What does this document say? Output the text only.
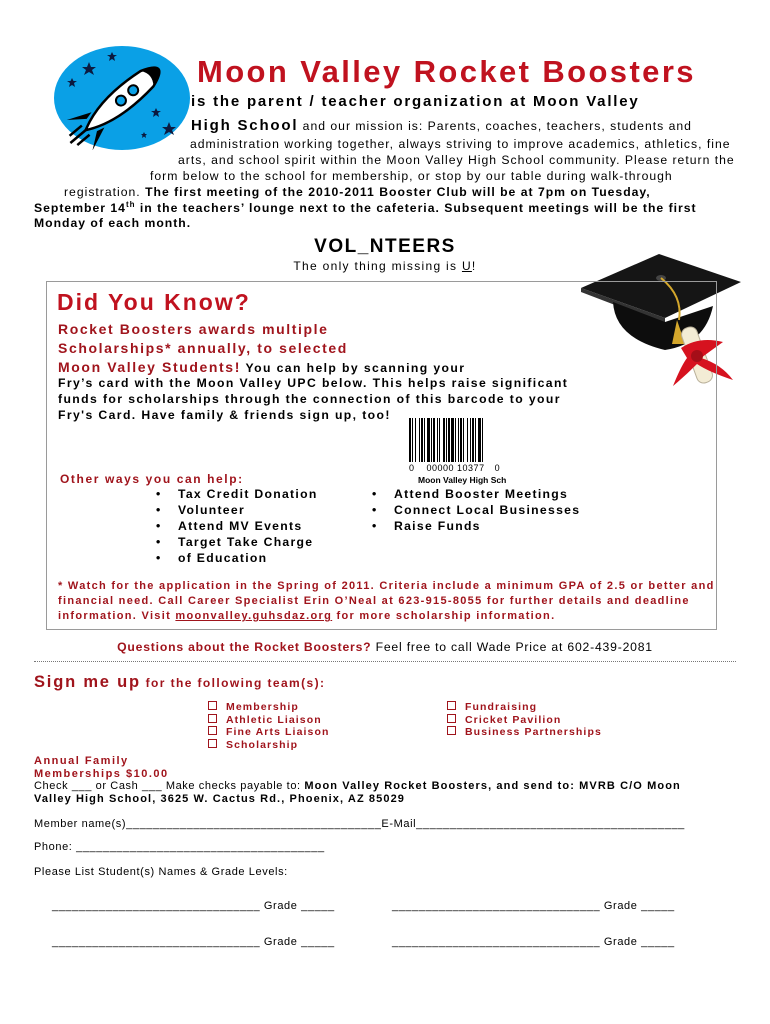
Moon Valley Rocket Boosters
is the parent / teacher organization at Moon Valley
High School and our mission is: Parents, coaches, teachers, students and
administration working together, always striving to improve academics, athletics, fine
arts, and school spirit within the Moon Valley High School community. Please return the
form below to the school for membership, or stop by our table during walk-through
registration. The first meeting of the 2010-2011 Booster Club will be at 7pm on Tuesday,
September 14th in the teachers’ lounge next to the cafeteria. Subsequent meetings will be the first
Monday of each month.
VOL_NTEERS
The only thing missing is U!
Did You Know?
Rocket Boosters awards multiple
Scholarships* annually, to selected
Moon Valley Students! You can help by scanning your
Fry’s card with the Moon Valley UPC below. This helps raise significant
funds for scholarships through the connection of this barcode to your
Fry's Card. Have family & friends sign up, too!
0 00000 10377 0
Moon Valley High Sch
Other ways you can help:
• Tax Credit Donation
• Volunteer
• Attend MV Events
• Target Take Charge
• of Education
• Attend Booster Meetings
• Connect Local Businesses
• Raise Funds
* Watch for the application in the Spring of 2011. Criteria include a minimum GPA of 2.5 or better and
financial need. Call Career Specialist Erin O’Neal at 623-915-8055 for further details and deadline
information. Visit moonvalley.guhsdaz.org for more scholarship information.
Questions about the Rocket Boosters? Feel free to call Wade Price at 602-439-2081
Sign me up for the following team(s):
Membership
Athletic Liaison
Fine Arts Liaison
Scholarship
Fundraising
Cricket Pavilion
Business Partnerships
Annual Family
Memberships $10.00
Check ___ or Cash ___ Make checks payable to: Moon Valley Rocket Boosters, and send to: MVRB C/O Moon
Valley High School, 3625 W. Cactus Rd., Phoenix, AZ 85029
Member name(s)______________________________________E-Mail________________________________________
Phone: _____________________________________
Please List Student(s) Names & Grade Levels:
_______________________________ Grade _____	_______________________________ Grade _____
_______________________________ Grade _____	_______________________________ Grade _____
